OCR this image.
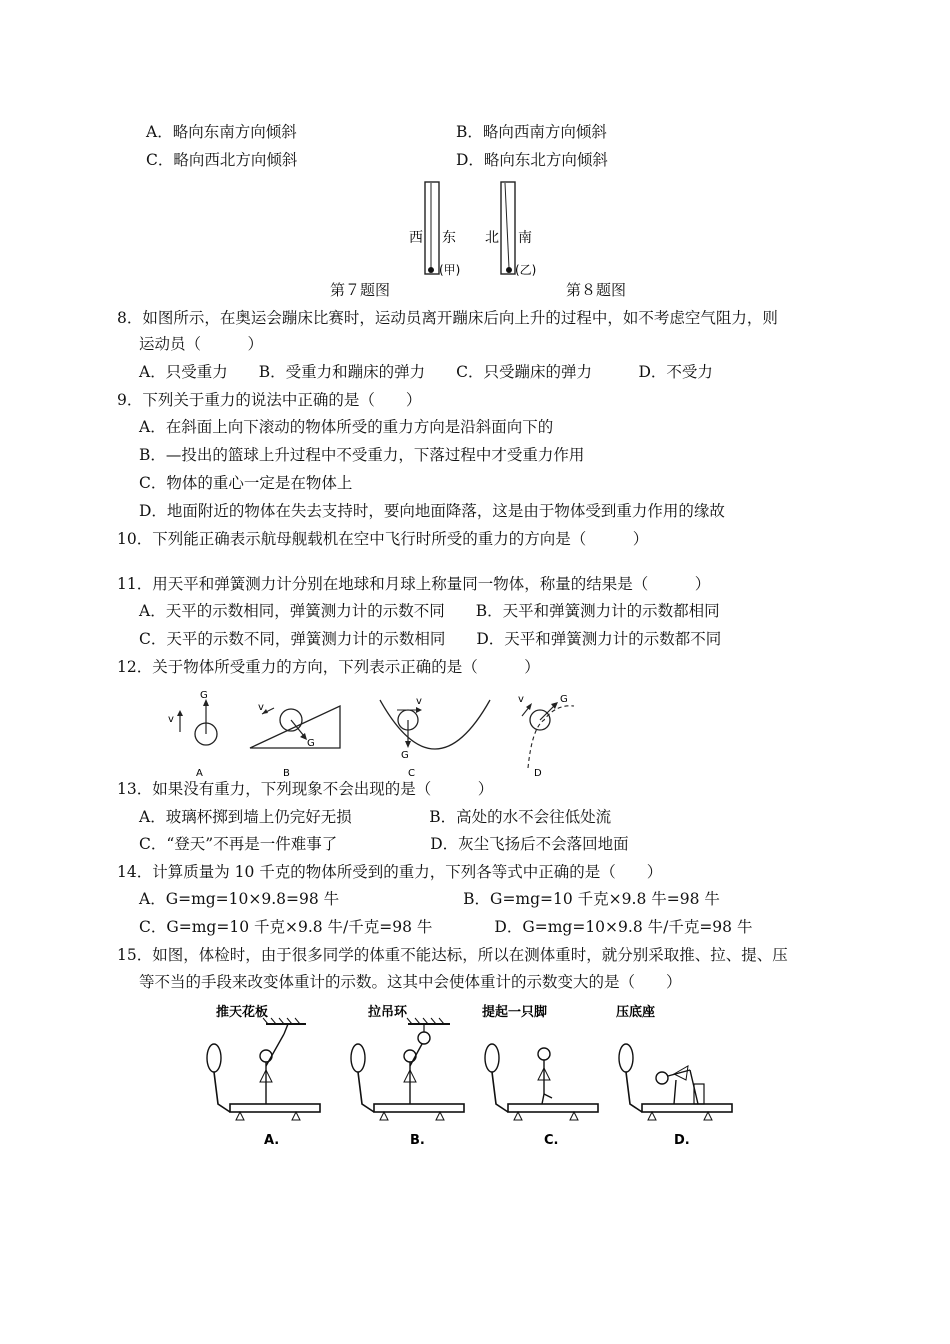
A．略向东南方向倾斜	B．略向西南方向倾斜
C．略向西北方向倾斜	D．略向东北方向倾斜
西 东
(甲)
北 南
(乙)
第７题图	第８题图
8．如图所示，在奥运会蹦床比赛时，运动员离开蹦床后向上升的过程中，如不考虑空气阻力，则
运动员（　　　）
A．只受重力　　B．受重力和蹦床的弹力　　C．只受蹦床的弹力　　　D．不受力
9．下列关于重力的说法中正确的是（　　）
A．在斜面上向下滚动的物体所受的重力方向是沿斜面向下的
B．—投出的篮球上升过程中不受重力，下落过程中才受重力作用
C．物体的重心一定是在物体上
D．地面附近的物体在失去支持时，要向地面降落，这是由于物体受到重力作用的缘故
10．下列能正确表示航母舰载机在空中飞行时所受的重力的方向是（　　　）
11．用天平和弹簧测力计分别在地球和月球上称量同一物体，称量的结果是（　　　）
A．天平的示数相同，弹簧测力计的示数不同　　B．天平和弹簧测力计的示数都相同
C．天平的示数不同，弹簧测力计的示数相同　　D．天平和弹簧测力计的示数都不同
12．关于物体所受重力的方向，下列表示正确的是（　　　）
v
G
A
G
v
B
G
v
C
G
v
D
13．如果没有重力，下列现象不会出现的是（　　　）
A．玻璃杯掷到墙上仍完好无损　　　　　B．高处的水不会往低处流
C．“登天”不再是一件难事了　　　　　　D．灰尘飞扬后不会落回地面
14．计算质量为 10 千克的物体所受到的重力，下列各等式中正确的是（　　）
A．G=mg=10×9.8=98 牛　　　　　　　　B．G=mg=10 千克×9.8 牛=98 牛
C．G=mg=10 千克×9.8 牛/千克=98 牛　　　　D．G=mg=10×9.8 牛/千克=98 牛
15．如图，体检时，由于很多同学的体重不能达标，所以在测体重时，就分别采取推、拉、提、压
等不当的手段来改变体重计的示数。这其中会使体重计的示数变大的是（　　）
推天花板
A.
拉吊环
B.
提起一只脚
C.
压底座
D.
